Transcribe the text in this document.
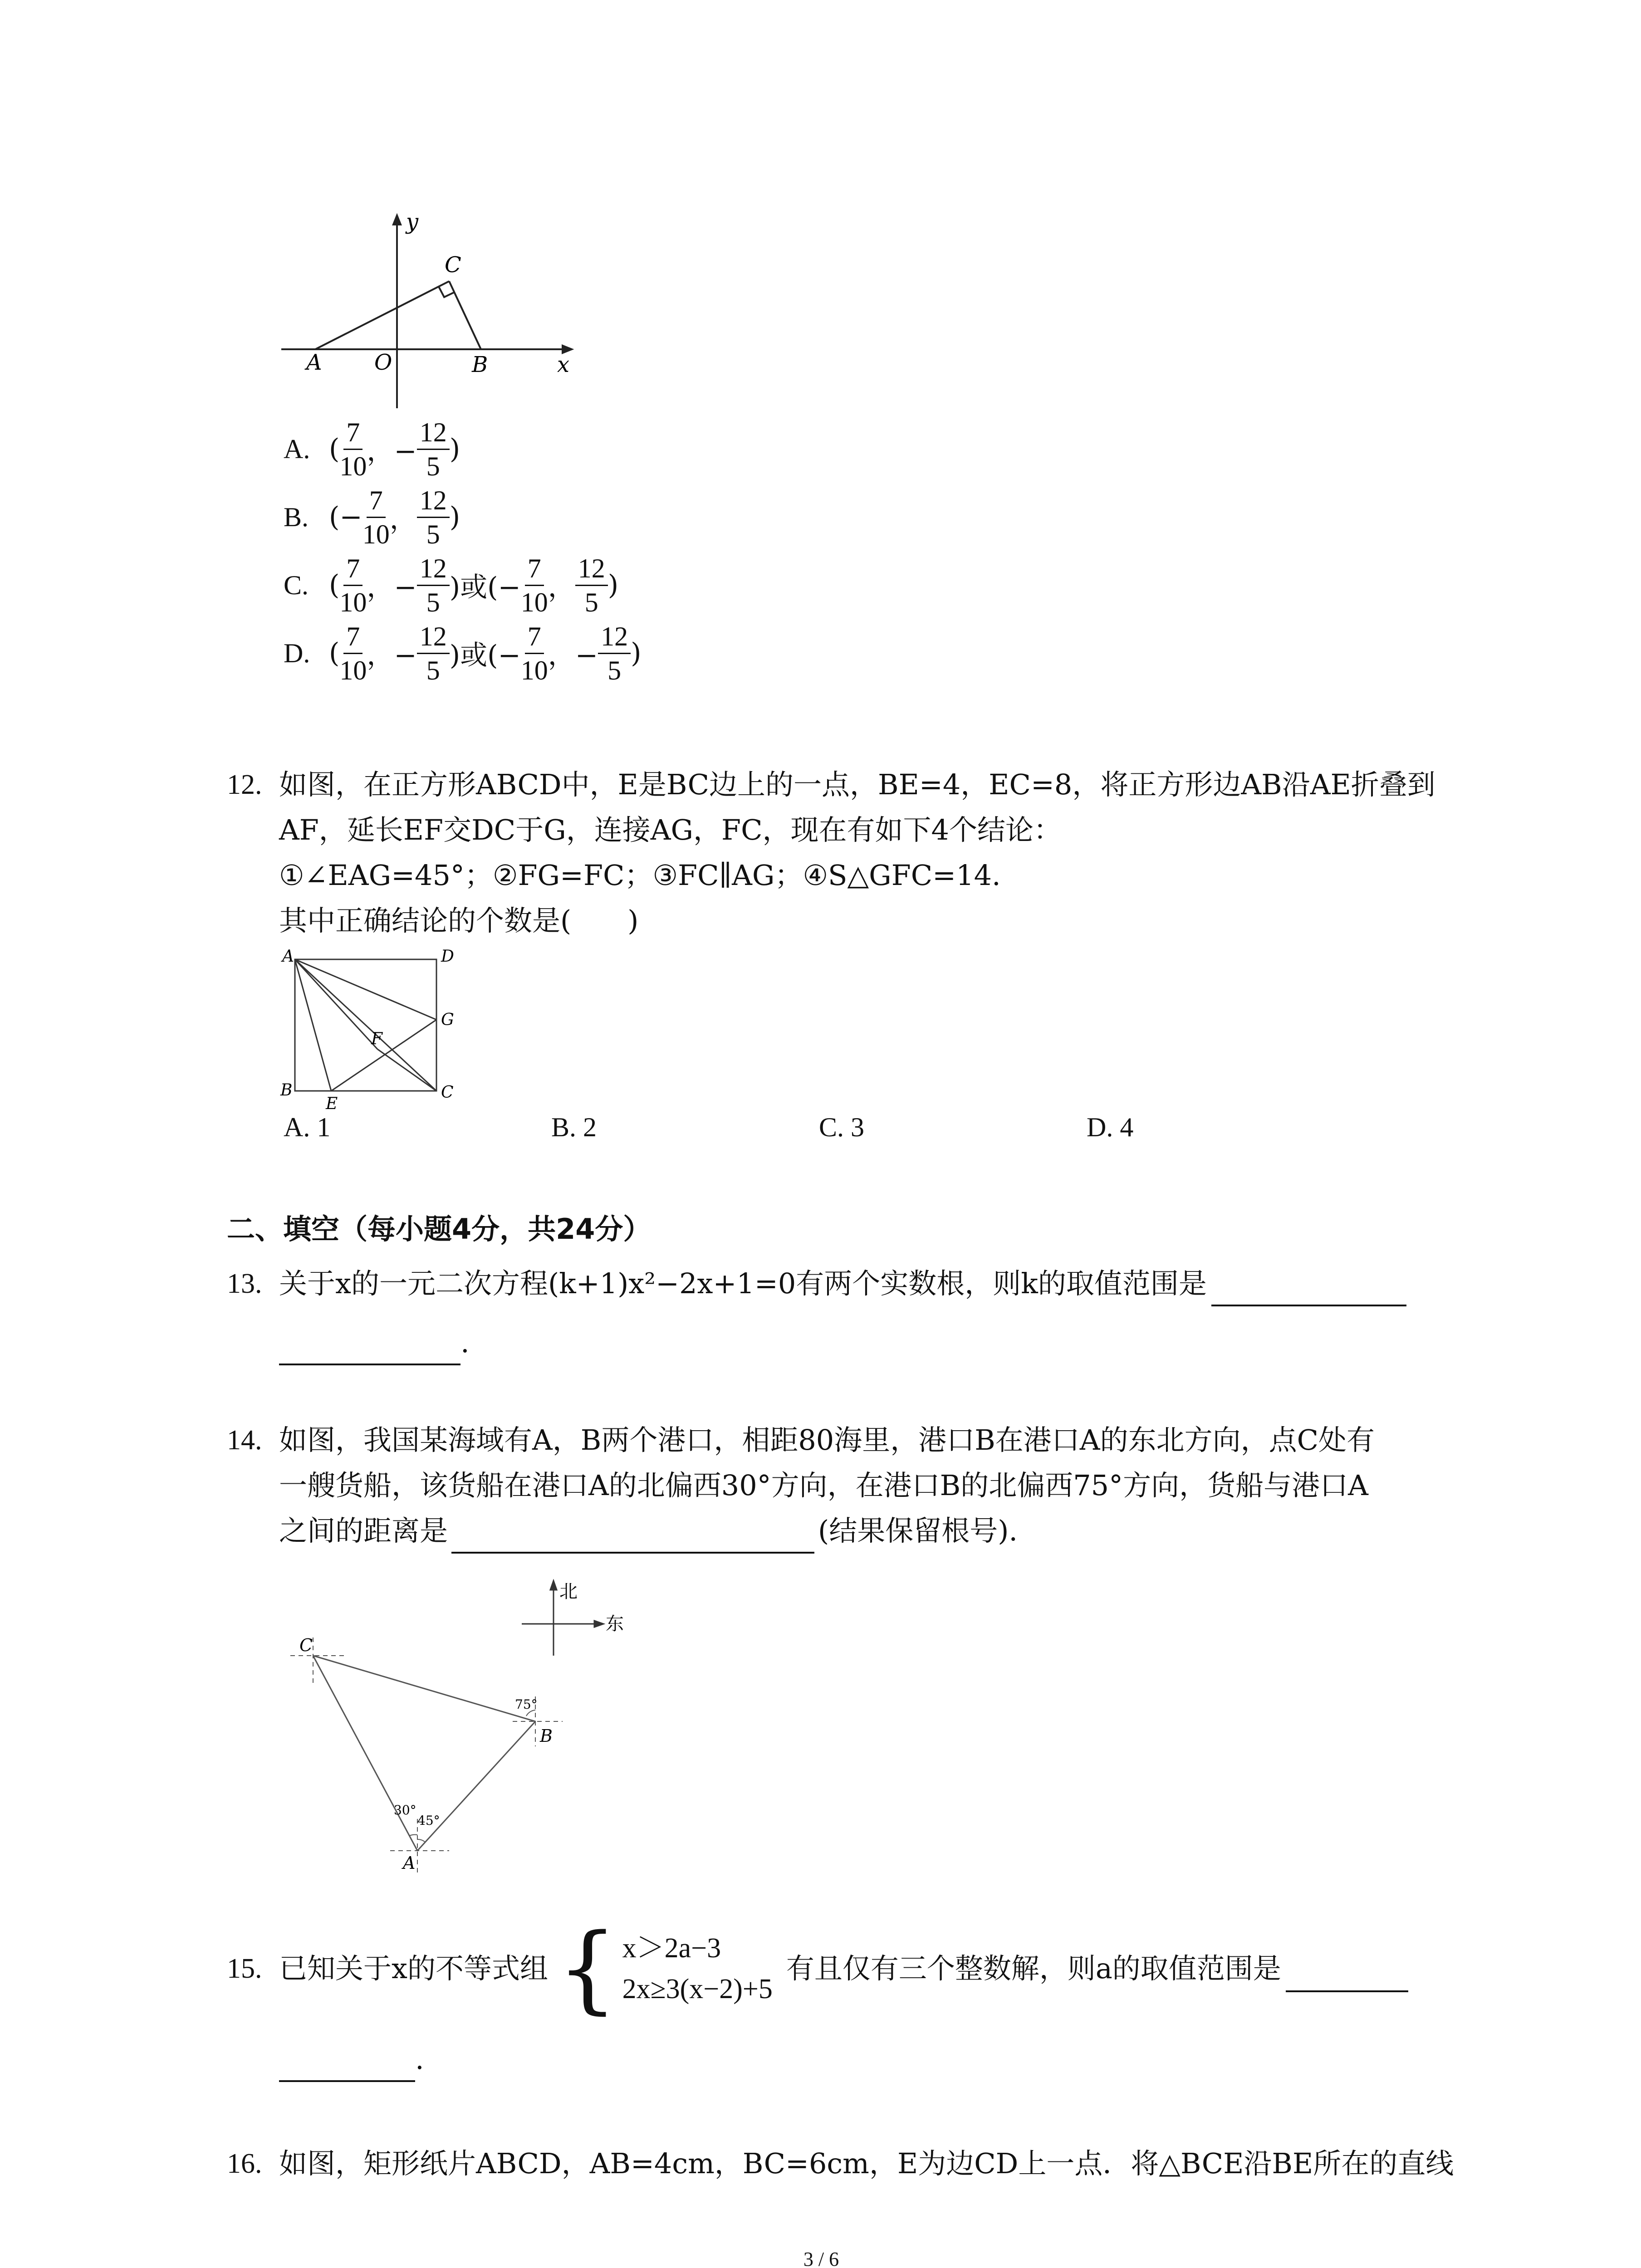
y
x
C
A O	B
A. ( $\frac{7}{10}$ ，− $\frac{12}{5}$ )
B. (− $\frac{7}{10}$ ， $\frac{12}{5}$ )
C. ( $\frac{7}{10}$ ，− $\frac{12}{5}$ )或(− $\frac{7}{10}$ ， $\frac{12}{5}$ )
D. ( $\frac{7}{10}$ ，− $\frac{12}{5}$ )或(− $\frac{7}{10}$ ，− $\frac{12}{5}$ )
12. 如图，在正方形ABCD中，E是BC边上的一点，BE=4，EC=8，将正方形边AB沿AE折叠到
AF，延长EF交DC于G，连接AG，FC，现在有如下4个结论：
①∠EAG=45°；②FG=FC；③FC∥AG；④S△GFC=14.
其中正确结论的个数是(　　)
A	D
G
F
B
E
C
A. 1	B. 2	C. 3	D. 4
二、填空（每小题4分，共24分）
13. 关于x的一元二次方程(k+1)x²−2x+1=0有两个实数根，则k的取值范围是
.
14. 如图，我国某海域有A，B两个港口，相距80海里，港口B在港口A的东北方向，点C处有
一艘货船，该货船在港口A的北偏西30°方向，在港口B的北偏西75°方向，货船与港口A
之间的距离是	(结果保留根号).
北
东
C
B
A
75°
30°
45°
15. 已知关于x的不等式组 { x＞2a−3
2x≥3(x−2)+5
有且仅有三个整数解，则a的取值范围是
.
16. 如图，矩形纸片ABCD，AB=4cm，BC=6cm，E为边CD上一点．将△BCE沿BE所在的直线
3 / 6
